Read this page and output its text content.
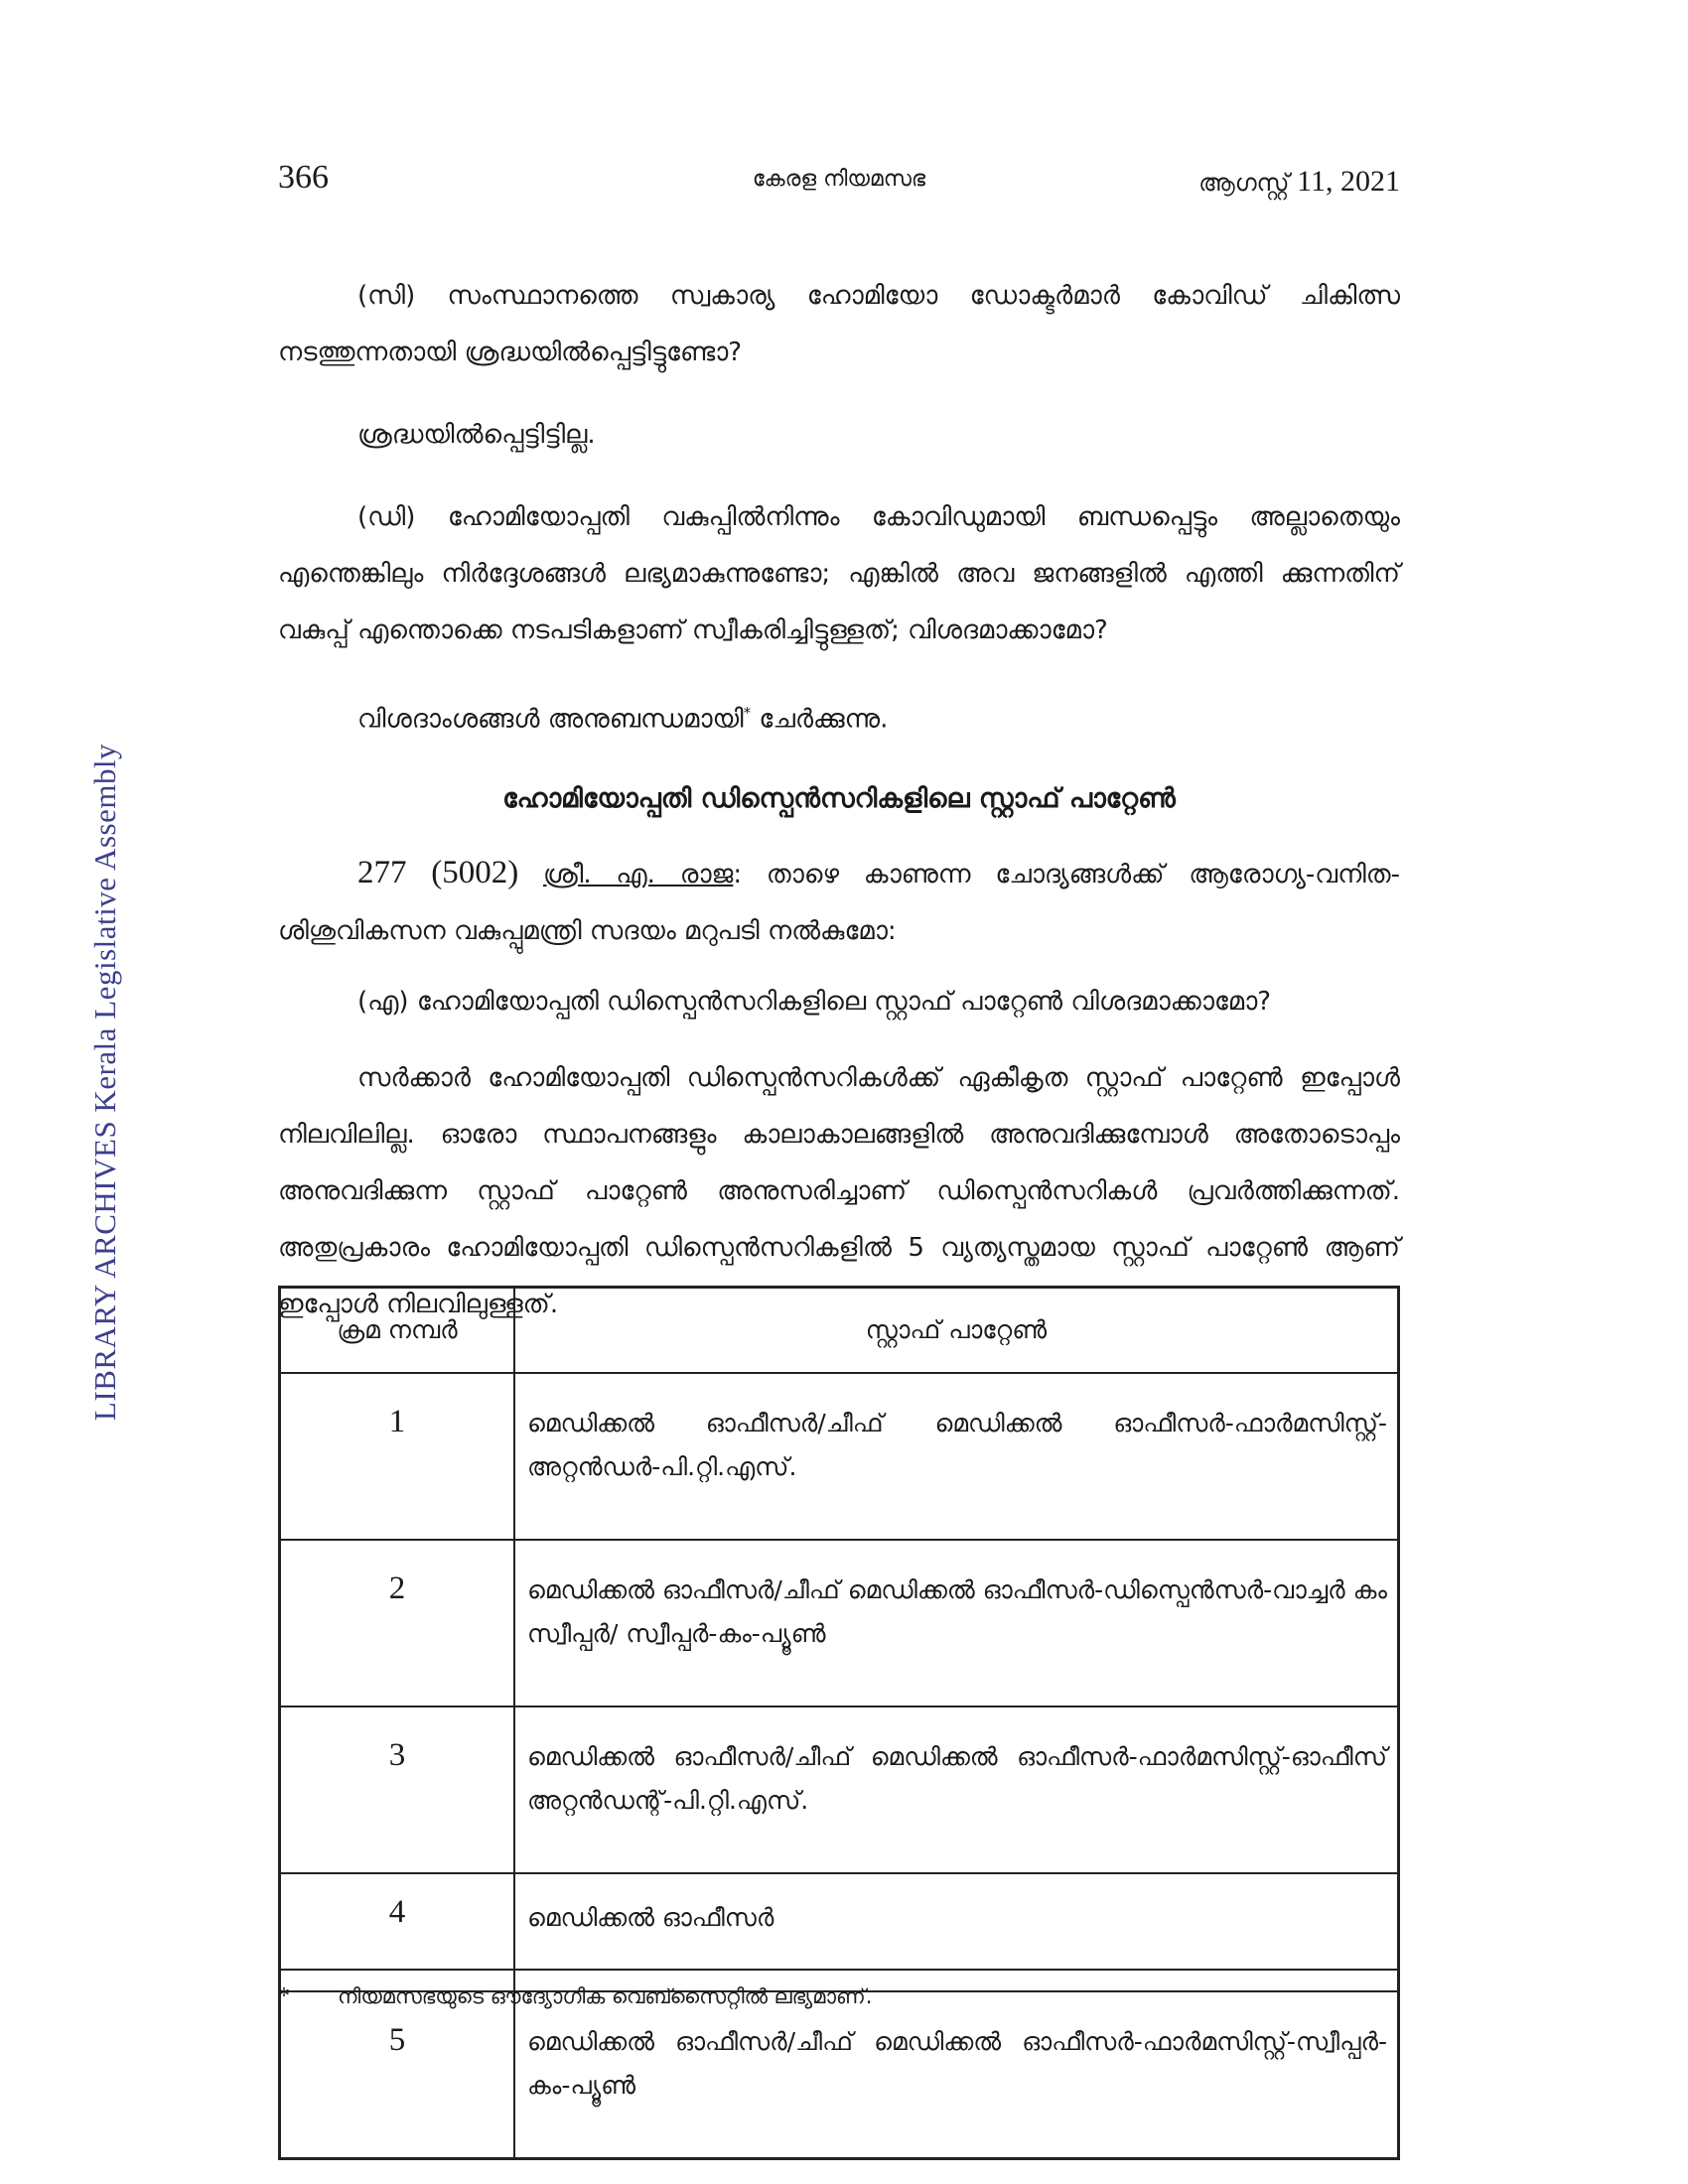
LIBRARY ARCHIVES Kerala Legislative Assembly
366	കേരള നിയമസഭ	ആഗസ്റ്റ് 11, 2021

(സി) സംസ്ഥാനത്തെ സ്വകാര്യ ഹോമിയോ ഡോക്ടർമാർ കോവിഡ് ചികിത്സ നടത്തുന്നതായി ശ്രദ്ധയിൽപ്പെട്ടിട്ടുണ്ടോ?

ശ്രദ്ധയിൽപ്പെട്ടിട്ടില്ല.

(ഡി) ഹോമിയോപ്പതി വകുപ്പിൽനിന്നും കോവിഡുമായി ബന്ധപ്പെട്ടും അല്ലാതെയും എന്തെങ്കിലും നിർദ്ദേശങ്ങൾ ലഭ്യമാകുന്നുണ്ടോ; എങ്കിൽ അവ ജനങ്ങളിൽ എത്തി ക്കുന്നതിന് വകുപ്പ് എന്തൊക്കെ നടപടികളാണ് സ്വീകരിച്ചിട്ടുള്ളത്; വിശദമാക്കാമോ?

വിശദാംശങ്ങൾ അനുബന്ധമായി* ചേർക്കുന്നു.

ഹോമിയോപ്പതി ഡിസ്പെൻസറികളിലെ സ്റ്റാഫ് പാറ്റേൺ

277 (5002) ശ്രീ. എ. രാജ: താഴെ കാണുന്ന ചോദ്യങ്ങൾക്ക് ആരോഗ്യ-വനിത-ശിശുവികസന വകുപ്പുമന്ത്രി സദയം മറുപടി നൽകുമോ:

(എ) ഹോമിയോപ്പതി ഡിസ്പെൻസറികളിലെ സ്റ്റാഫ് പാറ്റേൺ വിശദമാക്കാമോ?

സർക്കാർ ഹോമിയോപ്പതി ഡിസ്പെൻസറികൾക്ക് ഏകീകൃത സ്റ്റാഫ് പാറ്റേൺ ഇപ്പോൾ നിലവിലില്ല. ഓരോ സ്ഥാപനങ്ങളും കാലാകാലങ്ങളിൽ അനുവദിക്കുമ്പോൾ അതോടൊപ്പം അനുവദിക്കുന്ന സ്റ്റാഫ് പാറ്റേൺ അനുസരിച്ചാണ് ഡിസ്പെൻസറികൾ പ്രവർത്തിക്കുന്നത്. അതുപ്രകാരം ഹോമിയോപ്പതി ഡിസ്പെൻസറികളിൽ 5 വ്യത്യസ്തമായ സ്റ്റാഫ് പാറ്റേൺ ആണ് ഇപ്പോൾ നിലവിലുള്ളത്.

ക്രമ നമ്പർ	സ്റ്റാഫ് പാറ്റേൺ
1	മെഡിക്കൽ ഓഫീസർ/ചീഫ് മെഡിക്കൽ ഓഫീസർ-ഫാർമസിസ്റ്റ്-അറ്റൻഡർ-പി.റ്റി.എസ്.
2	മെഡിക്കൽ ഓഫീസർ/ചീഫ് മെഡിക്കൽ ഓഫീസർ-ഡിസ്പെൻസർ-വാച്ചർ കം സ്വീപ്പർ/ സ്വീപ്പർ-കം-പ്യൂൺ
3	മെഡിക്കൽ ഓഫീസർ/ചീഫ് മെഡിക്കൽ ഓഫീസർ-ഫാർമസിസ്റ്റ്-ഓഫീസ് അറ്റൻഡന്റ്-പി.റ്റി.എസ്.
4	മെഡിക്കൽ ഓഫീസർ
5	മെഡിക്കൽ ഓഫീസർ/ചീഫ് മെഡിക്കൽ ഓഫീസർ-ഫാർമസിസ്റ്റ്-സ്വീപ്പർ-കം-പ്യൂൺ
* നിയമസഭയുടെ ഔദ്യോഗിക വെബ്സൈറ്റിൽ ലഭ്യമാണ്.
